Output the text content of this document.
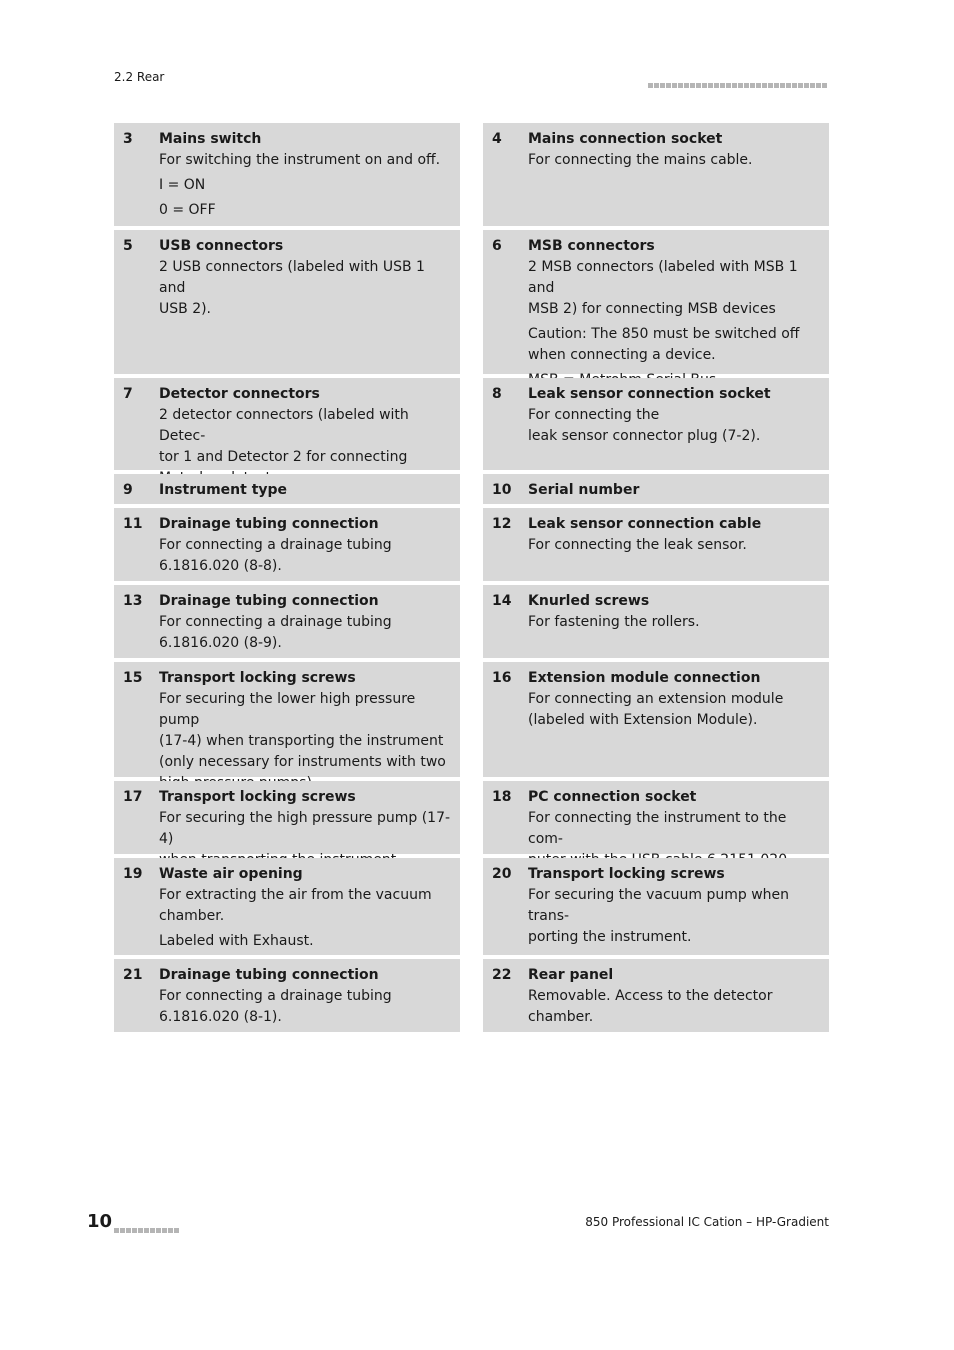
2.2 Rear
3	Mains switch
For switching the instrument on and off.
I = ON
0 = OFF
4	Mains connection socket
For connecting the mains cable.
5	USB connectors
2 USB connectors (labeled with USB 1 and
USB 2).
6	MSB connectors
2 MSB connectors (labeled with MSB 1 and
MSB 2) for connecting MSB devices
Caution: The 850 must be switched off
when connecting a device.
7	Detector connectors
2 detector connectors (labeled with Detec-
tor 1 and Detector 2 for connecting
8	Leak sensor connection socket
For connecting the
leak sensor connector plug (7-2).
9	Instrument type	10	Serial number
11	Drainage tubing connection
For connecting a drainage tubing
6.1816.020 (8-8).
12	Leak sensor connection cable
For connecting the leak sensor.
13	Drainage tubing connection
For connecting a drainage tubing
6.1816.020 (8-9).
14	Knurled screws
For fastening the rollers.
15	Transport locking screws
For securing the lower high pressure pump
(17-4) when transporting the instrument
(only necessary for instruments with two
16	Extension module connection
For connecting an extension module
(labeled with Extension Module).
17	Transport locking screws
For securing the high pressure pump (17-4)
18	PC connection socket
For connecting the instrument to the com-
19	Waste air opening
For extracting the air from the vacuum
chamber.
Labeled with Exhaust.
20	Transport locking screws
For securing the vacuum pump when trans-
porting the instrument.
21	Drainage tubing connection
For connecting a drainage tubing
6.1816.020 (8-1).
22	Rear panel
Removable. Access to the detector chamber.
10	850 Professional IC Cation – HP-Gradient
